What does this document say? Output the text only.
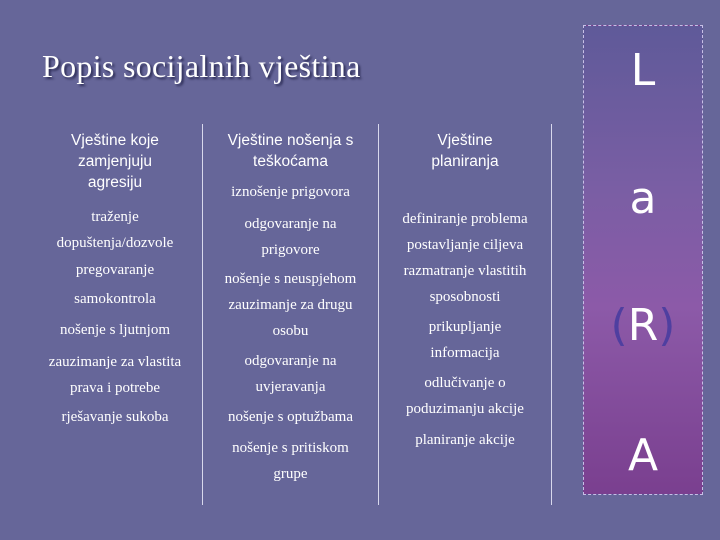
Popis socijalnih vještina
Vještine koje
zamjenjuju
agresiju
traženje
dopuštenja/dozvole
pregovaranje
samokontrola
nošenje s ljutnjom
zauzimanje za vlastita
prava i potrebe
rješavanje sukoba
Vještine nošenja s
teškoćama
iznošenje prigovora
odgovaranje na
prigovore
nošenje s neuspjehom
zauzimanje za drugu
osobu
odgovaranje na
uvjeravanja
nošenje s optužbama
nošenje s pritiskom
grupe
Vještine
planiranja
definiranje problema
postavljanje ciljeva
razmatranje vlastitih
sposobnosti
prikupljanje
informacija
odlučivanje o
poduzimanju akcije
planiranje akcije
L
a
(R)
A
